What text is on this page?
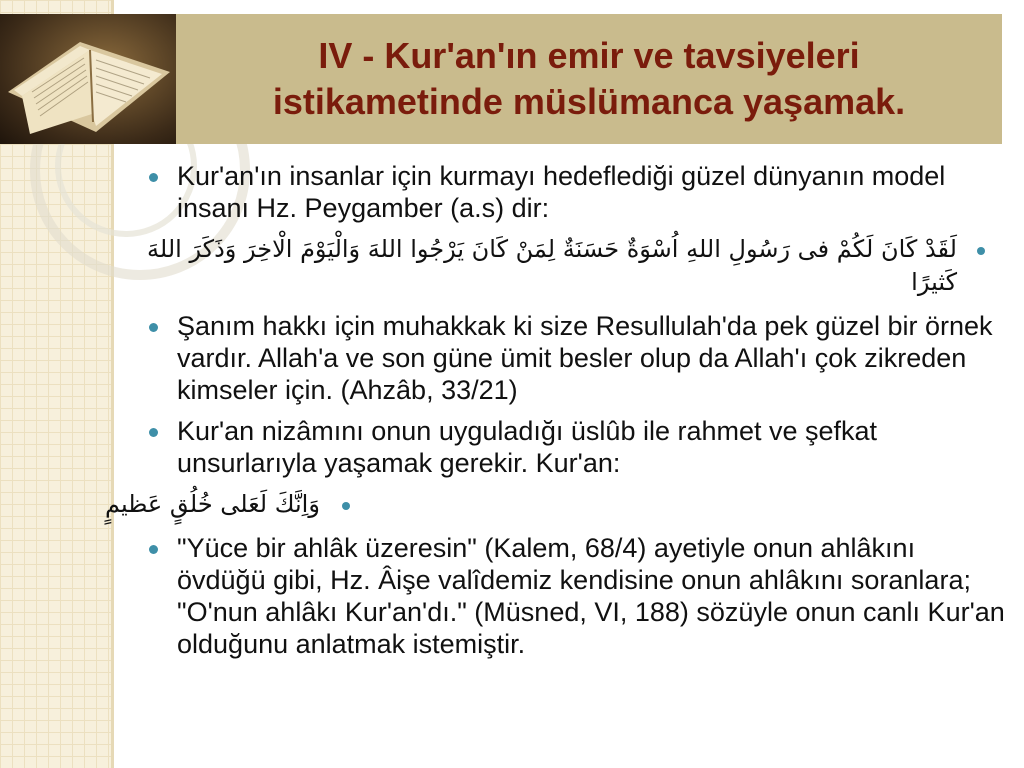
IV - Kur'an'ın emir ve tavsiyeleri
istikametinde müslümanca yaşamak.
Kur'an'ın insanlar için kurmayı hedeflediği güzel dünyanın model insanı Hz. Peygamber (a.s) dir:
لَقَدْ كَانَ لَكُمْ فى رَسُولِ اللهِ اُسْوَةٌ حَسَنَةٌ لِمَنْ كَانَ يَرْجُوا اللهَ وَالْيَوْمَ الْاخِرَ وَذَكَرَ اللهَ كَثيرًا
Şanım hakkı için muhakkak ki size Resullulah'da pek güzel bir örnek vardır. Allah'a ve son güne ümit besler olup da Allah'ı çok zikreden kimseler için. (Ahzâb, 33/21)
Kur'an nizâmını onun uyguladığı üslûb ile rahmet ve şefkat unsurlarıyla yaşamak gerekir. Kur'an:
وَاِنَّكَ لَعَلى خُلُقٍ عَظيمٍ
"Yüce bir ahlâk üzeresin" (Kalem, 68/4) ayetiyle onun ahlâkını övdüğü gibi, Hz. Âişe valîdemiz kendisine onun ahlâkını soranlara; "O'nun ahlâkı Kur'an'dı." (Müsned, VI, 188) sözüyle onun canlı Kur'an olduğunu anlatmak istemiştir.
